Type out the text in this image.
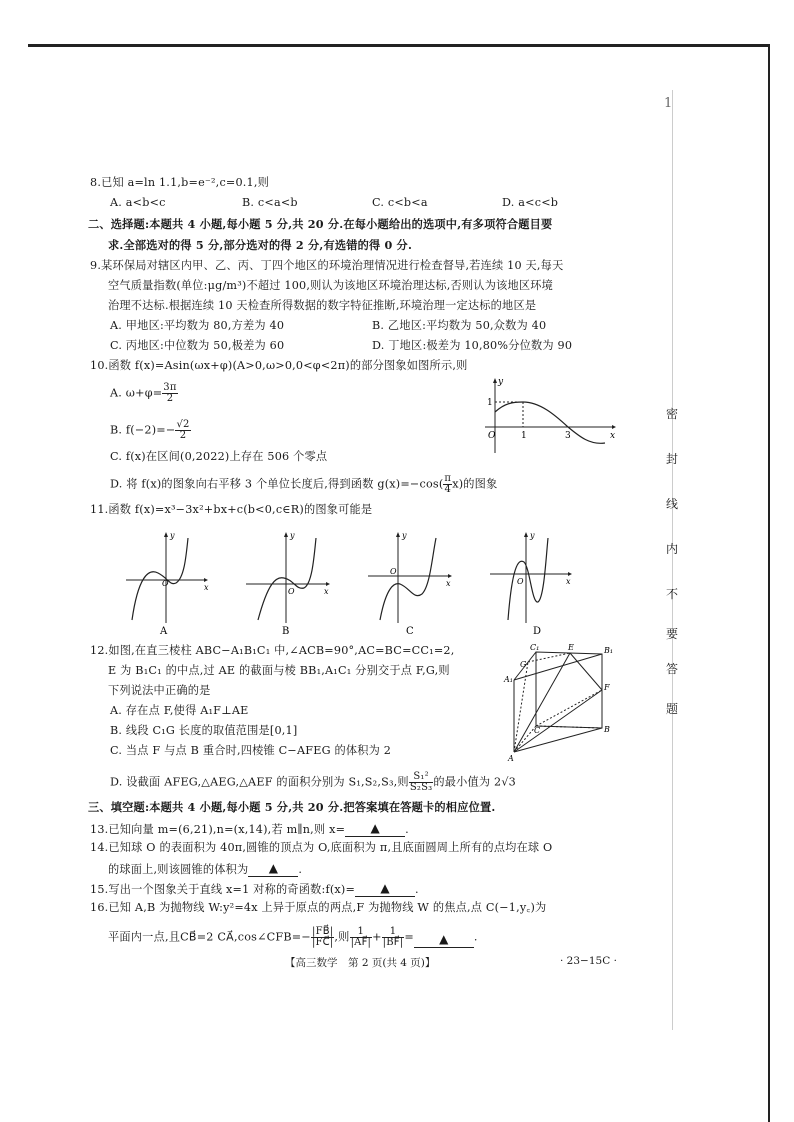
1
密
封
线
内
不
要
答
题
8.已知 a=ln 1.1,b=e⁻²,c=0.1,则
A. a<b<c	B. c<a<b	C. c<b<a	D. a<c<b
二、选择题:本题共 4 小题,每小题 5 分,共 20 分.在每小题给出的选项中,有多项符合题目要
求.全部选对的得 5 分,部分选对的得 2 分,有选错的得 0 分.
9.某环保局对辖区内甲、乙、丙、丁四个地区的环境治理情况进行检查督导,若连续 10 天,每天
空气质量指数(单位:μg/m³)不超过 100,则认为该地区环境治理达标,否则认为该地区环境
治理不达标.根据连续 10 天检查所得数据的数字特征推断,环境治理一定达标的地区是
A. 甲地区:平均数为 80,方差为 40	B. 乙地区:平均数为 50,众数为 40
C. 丙地区:中位数为 50,极差为 60	D. 丁地区:极差为 10,80%分位数为 90
10.函数 f(x)=Asin(ωx+φ)(A>0,ω>0,0<φ<2π)的部分图象如图所示,则
A. $\omega+\varphi= \frac{3\pi}{2}$
B. $f(-2)=- \frac{√2}{2}$
C. f(x)在区间(0,2022)上存在 506 个零点
D. 将 f(x)的图象向右平移 3 个单位长度后,得到函数 $g(x)=-\cos( \frac{\pi}{4} x)$的图象
y
x
O	1	3
1
11.函数 f(x)=x³−3x²+bx+c(b<0,c∈R)的图象可能是
y
x
O
A
y
x
O
B
y
x
O
C
y
x
O
D
12.如图,在直三棱柱 ABC−A₁B₁C₁ 中,∠ACB=90°,AC=BC=CC₁=2,
E 为 B₁C₁ 的中点,过 AE 的截面与棱 BB₁,A₁C₁ 分别交于点 F,G,则
下列说法中正确的是
A. 存在点 F,使得 A₁F⊥AE
B. 线段 C₁G 长度的取值范围是[0,1]
C. 当点 F 与点 B 重合时,四棱锥 C−AFEG 的体积为 2
D. 设截面 AFEG,△AEG,△AEF 的面积分别为 S₁,S₂,S₃,则 $\frac{\text{S₁²}}{\text{S₂S₃}}$ 的最小值为 2√3
C₁	E	B₁
A₁
F
G
C	B
A
三、填空题:本题共 4 小题,每小题 5 分,共 20 分.把答案填在答题卡的相应位置.
13.已知向量 m=(6,21),n=(x,14),若 m∥n,则 x= ▲ .
14.已知球 O 的表面积为 40π,圆锥的顶点为 O,底面积为 π,且底面圆周上所有的点均在球 O
的球面上,则该圆锥的体积为 ▲ .
15.写出一个图象关于直线 x=1 对称的奇函数:f(x)= ▲ .
16.已知 A,B 为抛物线 W:y²=4x 上异于原点的两点,F 为抛物线 W 的焦点,点 C(−1,y꜀)为
平面内一点,且CB⃗=2 CA⃗,cos∠CFB=− $\frac{|FB⃗|}{|FC⃗|}$ ,则 $\frac{1}{|AF⃗|} + \frac{1}{|BF⃗|}$ = ▲ .
【高三数学　第 2 页(共 4 页)】	· 23−15C ·
